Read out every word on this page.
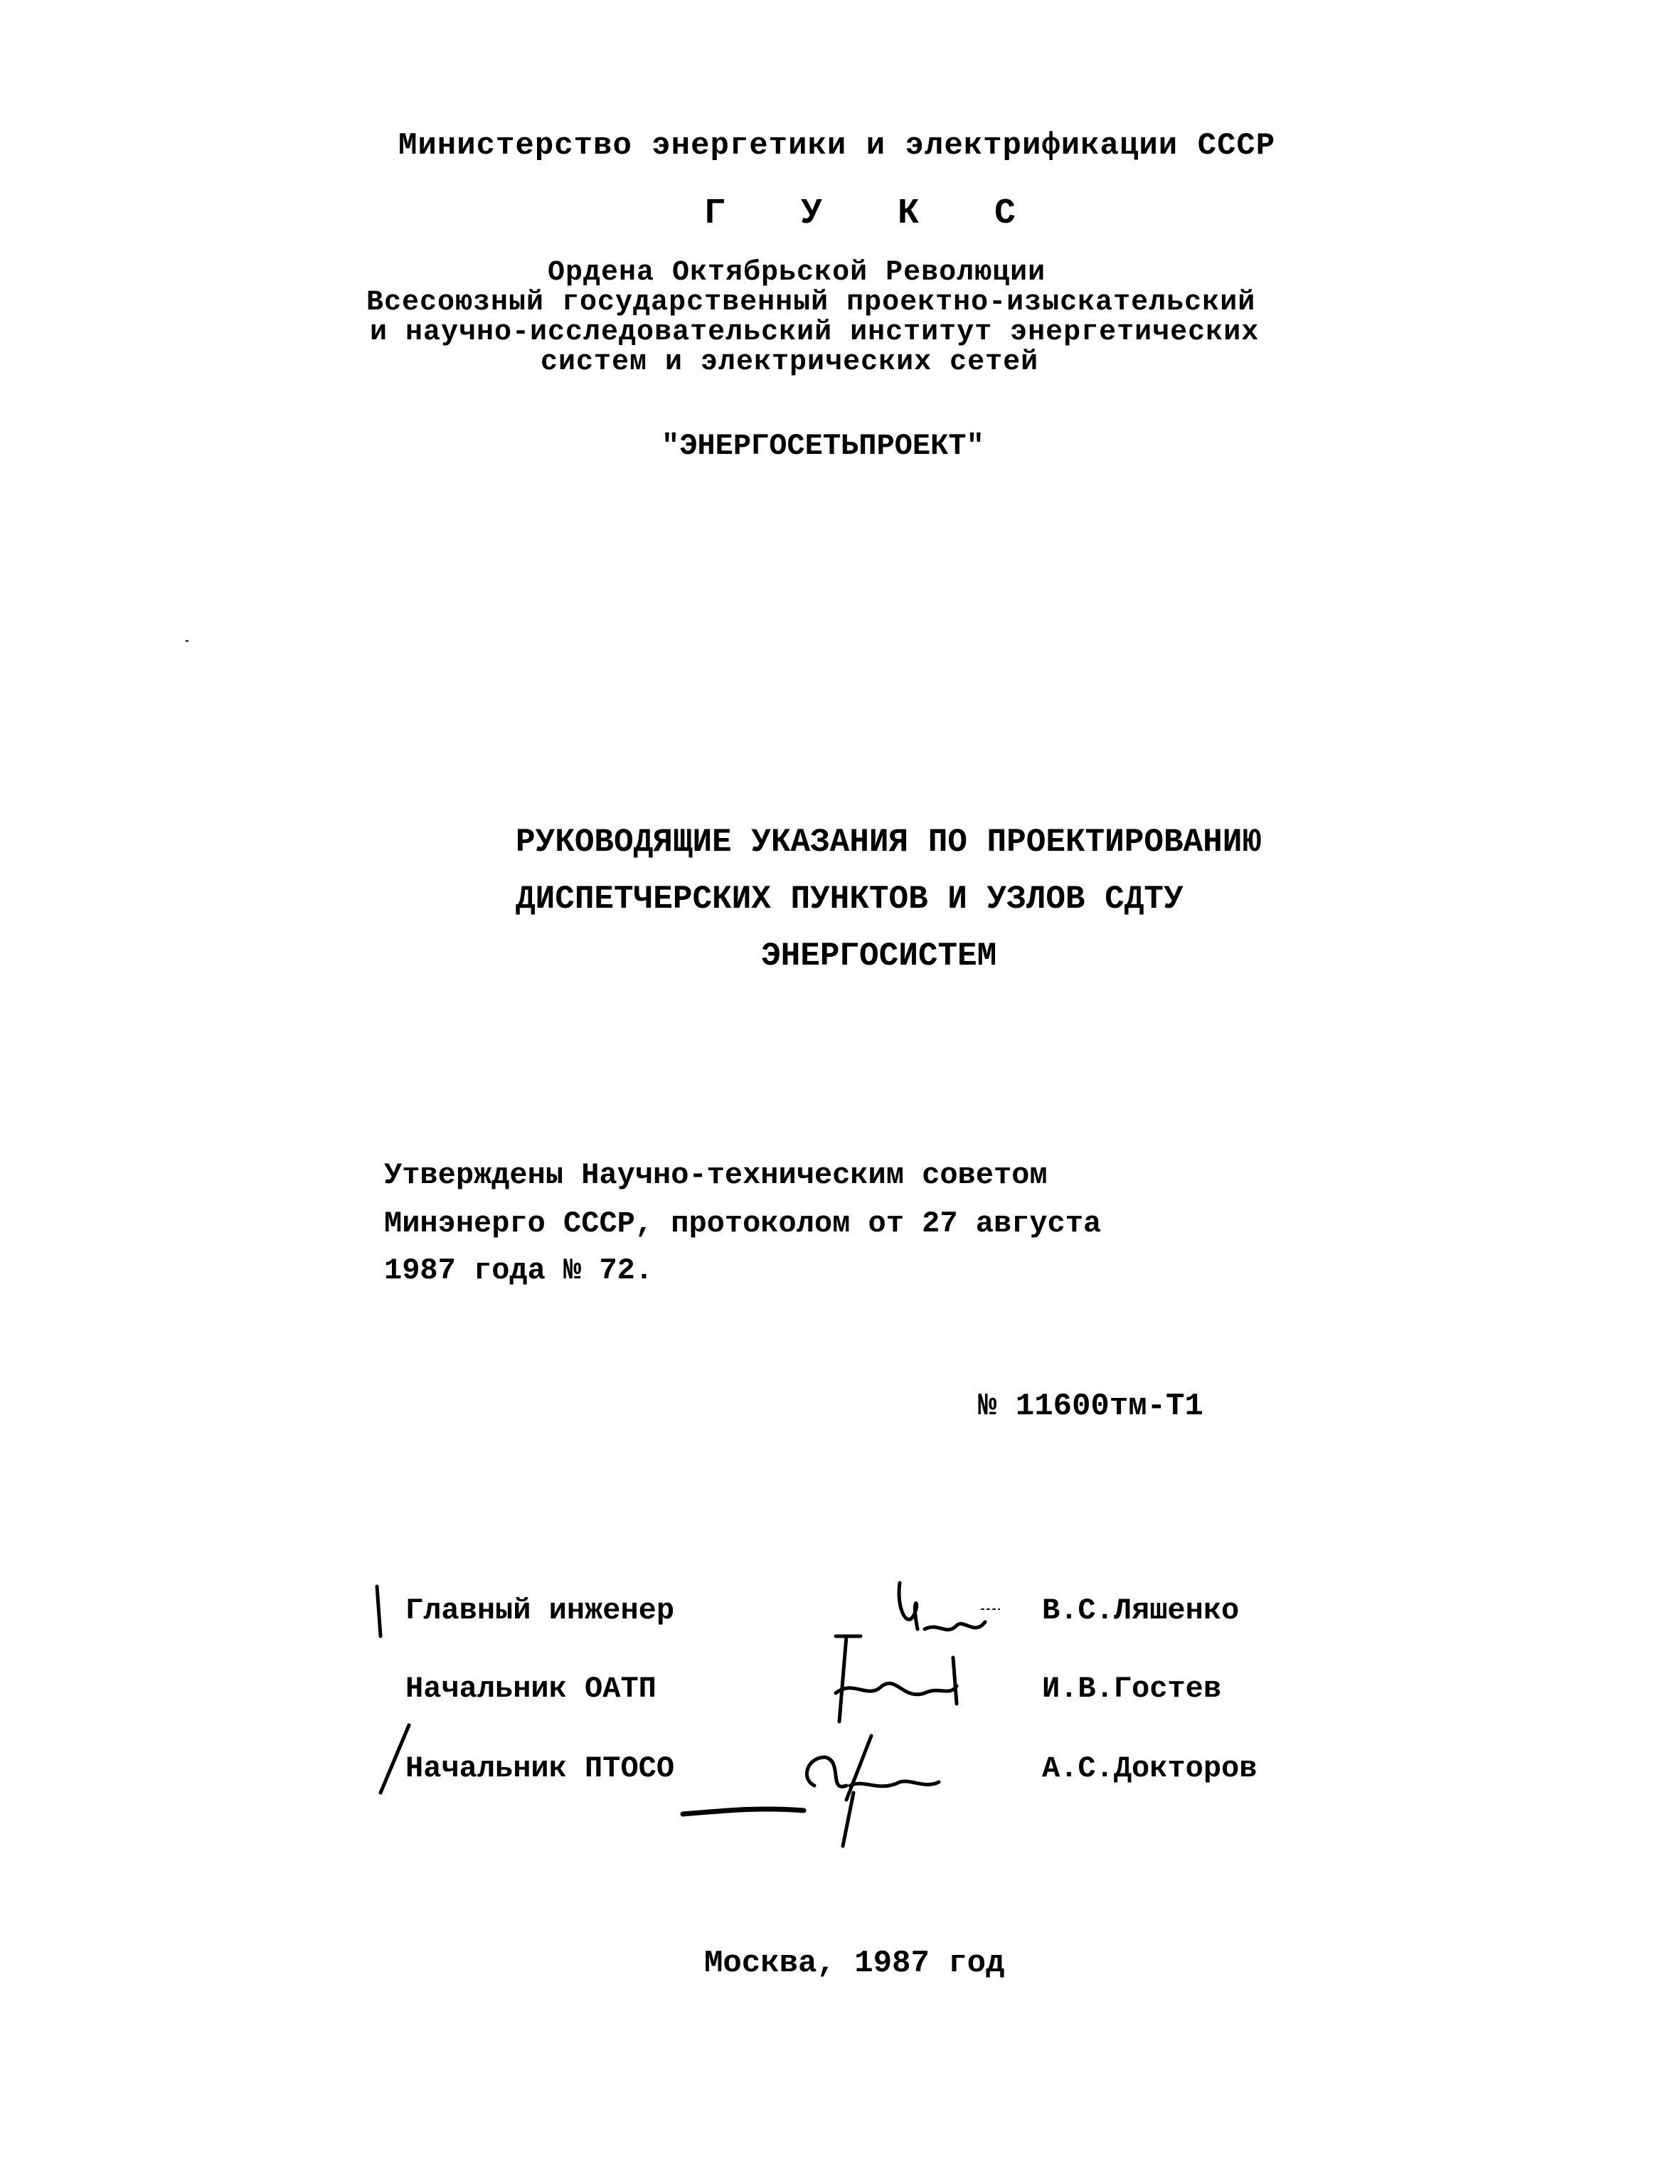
Министерство энергетики и электрификации СССР
Г У К С
Ордена Октябрьской Революции
Всесоюзный государственный проектно-изыскательский
и научно-исследовательский институт энергетических
систем и электрических сетей
"ЭНЕРГОСЕТЬПРОЕКТ"
РУКОВОДЯЩИЕ УКАЗАНИЯ ПО ПРОЕКТИРОВАНИЮ
ДИСПЕТЧЕРСКИХ ПУНКТОВ И УЗЛОВ СДТУ
ЭНЕРГОСИСТЕМ
Утверждены Научно-техническим советом
Минэнерго СССР, протоколом от 27 августа
1987 года № 72.
№ 11600тм-Т1
Главный инженер	В.С.Ляшенко
Начальник ОАТП	И.В.Гостев
Начальник ПТОСО	А.С.Докторов
Москва, 1987 год
